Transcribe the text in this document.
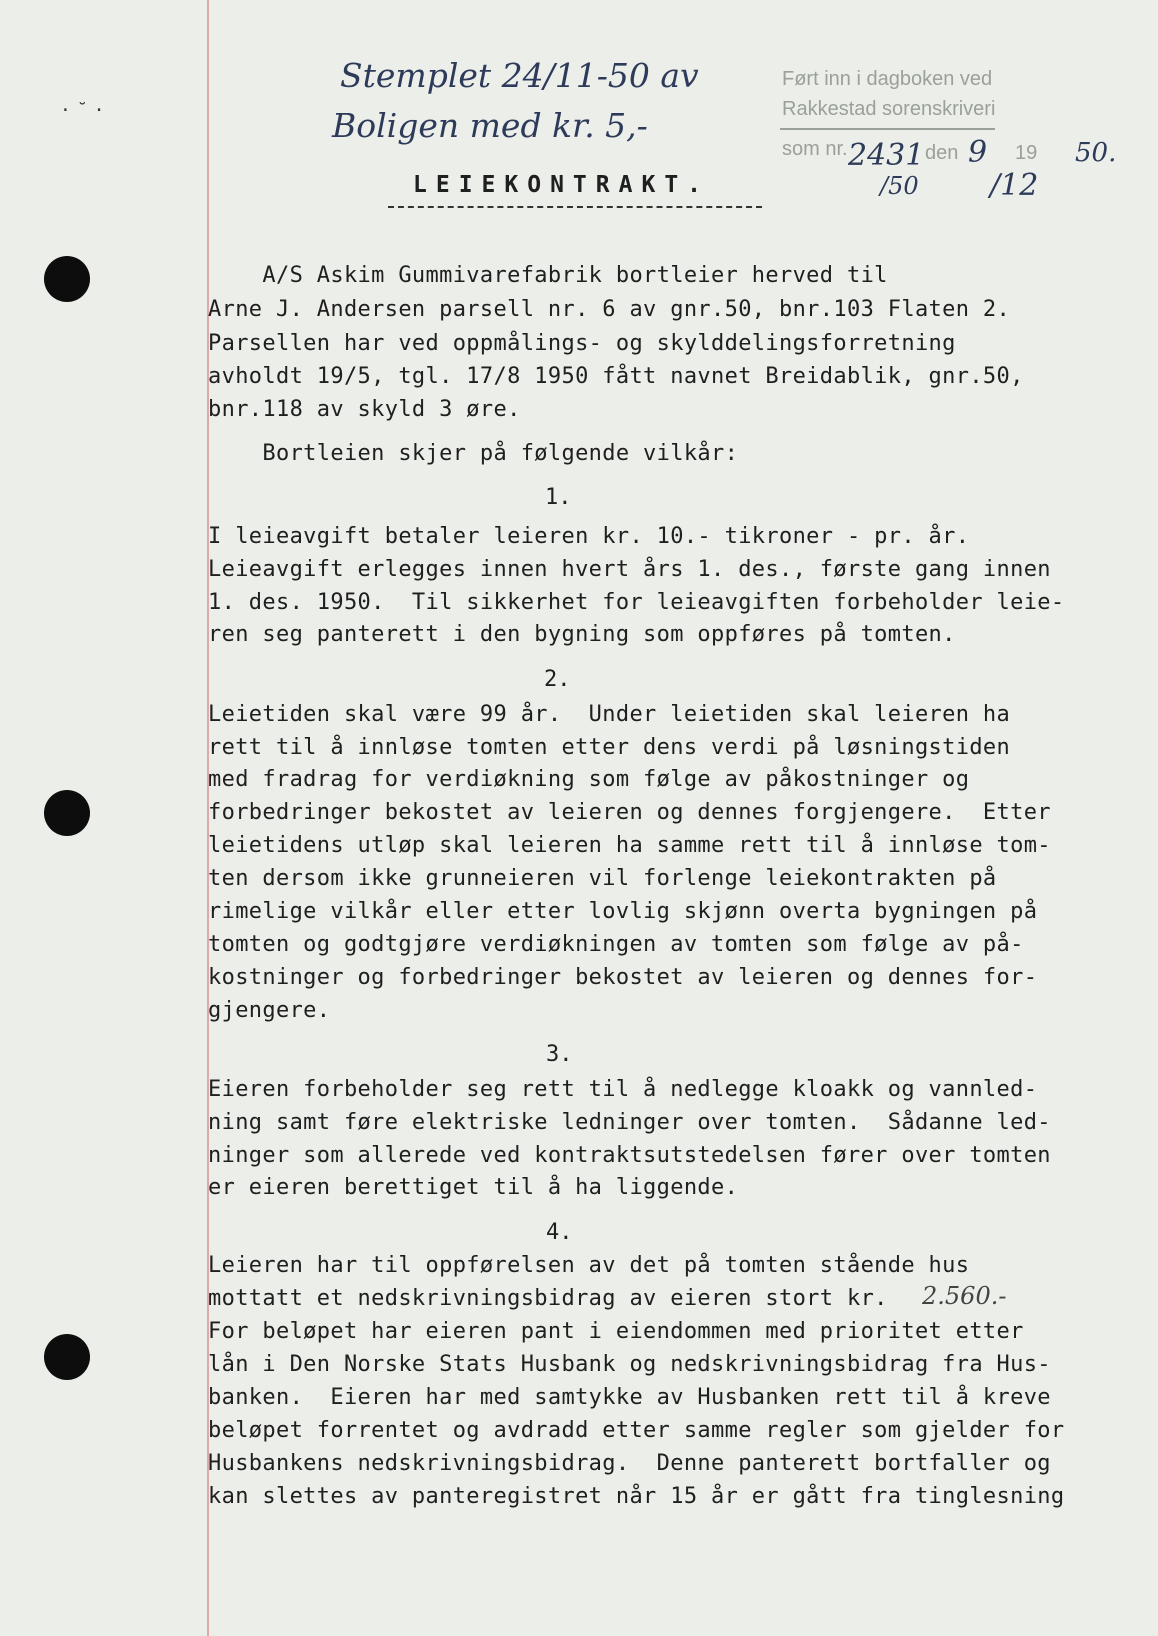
·˘·
Stemplet 24/11-50 av
Boligen med kr. 5,-
Ført inn i dagboken ved
Rakkestad sorenskriveri
som nr. 2431
/50
den 9
/12
19 50.
LEIEKONTRAKT.
A/S Askim Gummivarefabrik bortleier herved til
Arne J. Andersen parsell nr. 6 av gnr.50, bnr.103 Flaten 2.
Parsellen har ved oppmålings- og skylddelingsforretning
avholdt 19/5, tgl. 17/8 1950 fått navnet Breidablik, gnr.50,
bnr.118 av skyld 3 øre.
Bortleien skjer på følgende vilkår:
1.
I leieavgift betaler leieren kr. 10.- tikroner - pr. år.
Leieavgift erlegges innen hvert års 1. des., første gang innen
1. des. 1950.  Til sikkerhet for leieavgiften forbeholder leie-
ren seg panterett i den bygning som oppføres på tomten.
2.
Leietiden skal være 99 år.  Under leietiden skal leieren ha
rett til å innløse tomten etter dens verdi på løsningstiden
med fradrag for verdiøkning som følge av påkostninger og
forbedringer bekostet av leieren og dennes forgjengere.  Etter
leietidens utløp skal leieren ha samme rett til å innløse tom-
ten dersom ikke grunneieren vil forlenge leiekontrakten på
rimelige vilkår eller etter lovlig skjønn overta bygningen på
tomten og godtgjøre verdiøkningen av tomten som følge av på-
kostninger og forbedringer bekostet av leieren og dennes for-
gjengere.
3.
Eieren forbeholder seg rett til å nedlegge kloakk og vannled-
ning samt føre elektriske ledninger over tomten.  Sådanne led-
ninger som allerede ved kontraktsutstedelsen fører over tomten
er eieren berettiget til å ha liggende.
4.
Leieren har til oppførelsen av det på tomten stående hus
mottatt et nedskrivningsbidrag av eieren stort kr. 2.560.-
For beløpet har eieren pant i eiendommen med prioritet etter
lån i Den Norske Stats Husbank og nedskrivningsbidrag fra Hus-
banken.  Eieren har med samtykke av Husbanken rett til å kreve
beløpet forrentet og avdradd etter samme regler som gjelder for
Husbankens nedskrivningsbidrag.  Denne panterett bortfaller og
kan slettes av panteregistret når 15 år er gått fra tinglesning
